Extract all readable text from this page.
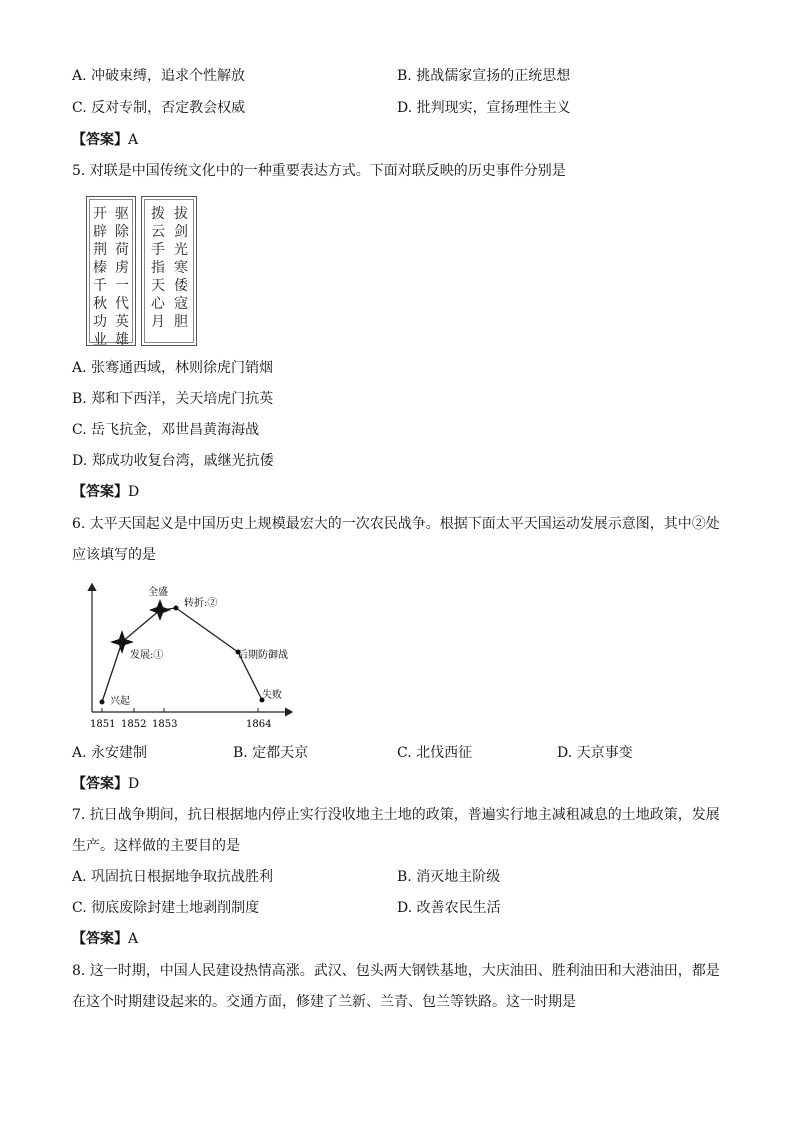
A. 冲破束缚，追求个性解放	B. 挑战儒家宣扬的正统思想
C. 反对专制，否定教会权威	D. 批判现实，宣扬理性主义
【答案】A
5. 对联是中国传统文化中的一种重要表达方式。下面对联反映的历史事件分别是
驱
除
荷
虏
一
代
英
雄
开
辟
荆
榛
千
秋
功
业
拔
剑
光
寒
倭
寇
胆
拨
云
手
指
天
心
月
A. 张骞通西域，林则徐虎门销烟
B. 郑和下西洋，关天培虎门抗英
C. 岳飞抗金，邓世昌黄海海战
D. 郑成功收复台湾，戚继光抗倭
【答案】D
6. 太平天国起义是中国历史上规模最宏大的一次农民战争。根据下面太平天国运动发展示意图，其中②处
应该填写的是
1851 1852 1853	1864
兴起
发展:①
全盛
转折:②
后期防御战
失败
A. 永安建制	B. 定都天京	C. 北伐西征	D. 天京事变
【答案】D
7. 抗日战争期间，抗日根据地内停止实行没收地主土地的政策，普遍实行地主减租减息的土地政策，发展
生产。这样做的主要目的是
A. 巩固抗日根据地争取抗战胜利	B. 消灭地主阶级
C. 彻底废除封建土地剥削制度	D. 改善农民生活
【答案】A
8. 这一时期，中国人民建设热情高涨。武汉、包头两大钢铁基地，大庆油田、胜利油田和大港油田，都是
在这个时期建设起来的。交通方面，修建了兰新、兰青、包兰等铁路。这一时期是
